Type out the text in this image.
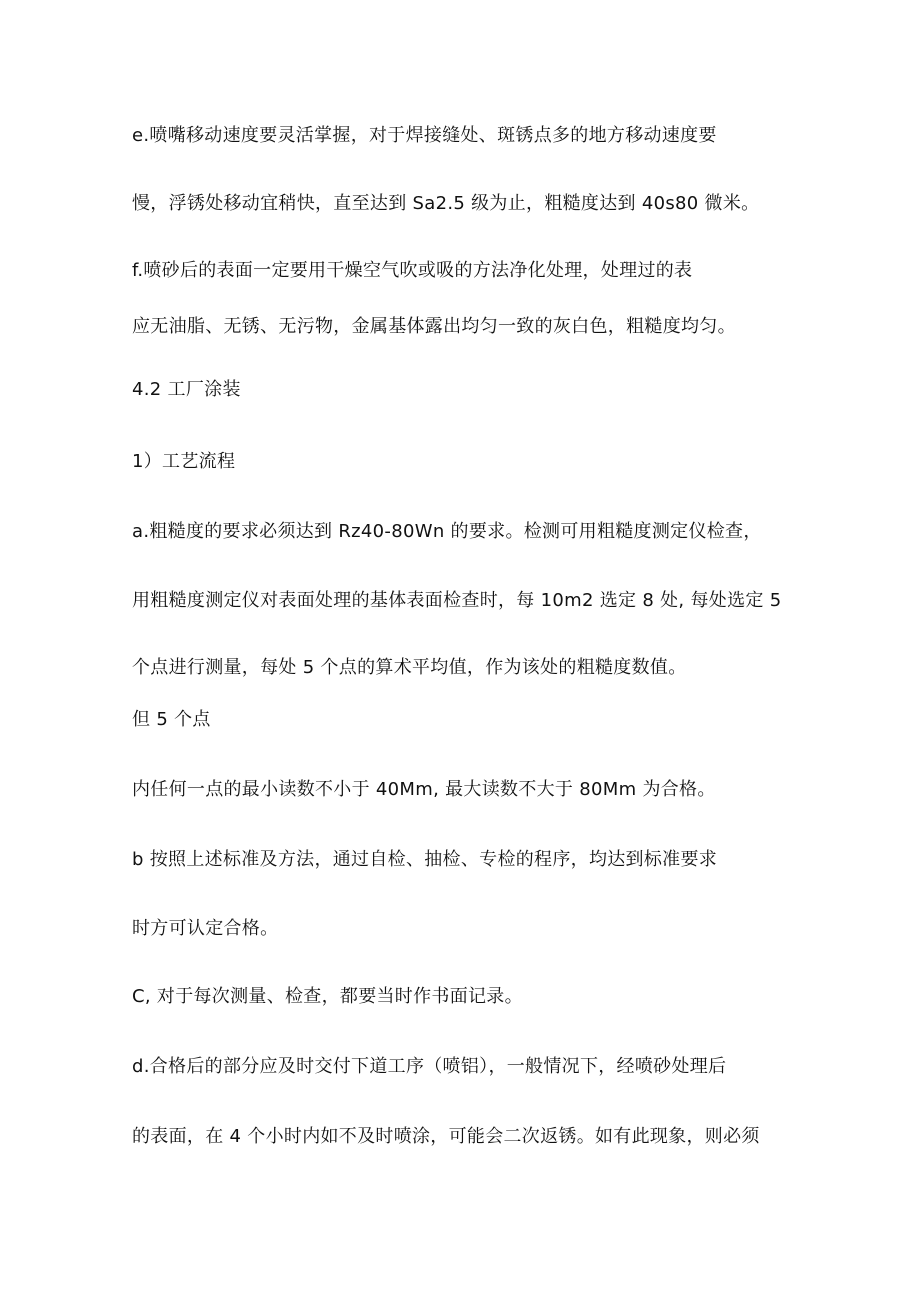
e.喷嘴移动速度要灵活掌握，对于焊接缝处、斑锈点多的地方移动速度要
慢，浮锈处移动宜稍快，直至达到 Sa2.5 级为止，粗糙度达到 40s80 微米。
f.喷砂后的表面一定要用干燥空气吹或吸的方法净化处理，处理过的表
应无油脂、无锈、无污物，金属基体露出均匀一致的灰白色，粗糙度均匀。
4.2 工厂涂装
1）工艺流程
a.粗糙度的要求必须达到 Rz40-80Wn 的要求。检测可用粗糙度测定仪检查，
用粗糙度测定仪对表面处理的基体表面检查时，每 10m2 选定 8 处, 每处选定 5
个点进行测量，每处 5 个点的算术平均值，作为该处的粗糙度数值。
但 5 个点
内任何一点的最小读数不小于 40Mm, 最大读数不大于 80Mm 为合格。
b 按照上述标准及方法，通过自检、抽检、专检的程序，均达到标准要求
时方可认定合格。
C, 对于每次测量、检查，都要当时作书面记录。
d.合格后的部分应及时交付下道工序（喷铝），一般情况下，经喷砂处理后
的表面，在 4 个小时内如不及时喷涂，可能会二次返锈。如有此现象，则必须
